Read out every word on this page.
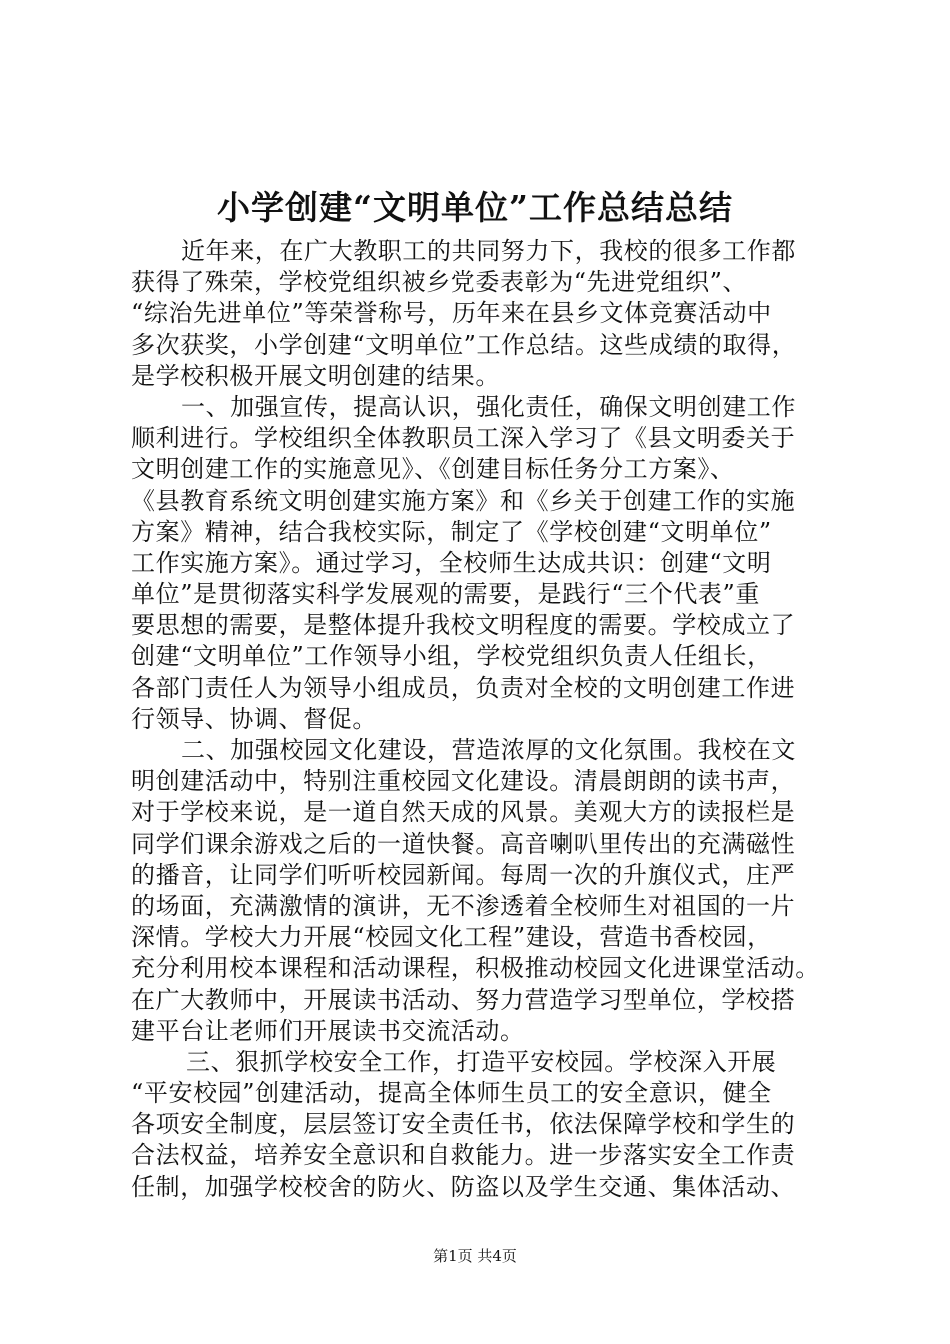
小学创建“文明单位”工作总结总结
近年来，在广大教职工的共同努力下，我校的很多工作都
获得了殊荣，学校党组织被乡党委表彰为“先进党组织”、
“综治先进单位”等荣誉称号，历年来在县乡文体竞赛活动中
多次获奖，小学创建“文明单位”工作总结。这些成绩的取得，
是学校积极开展文明创建的结果。
一、加强宣传，提高认识，强化责任，确保文明创建工作
顺利进行。学校组织全体教职员工深入学习了《县文明委关于
文明创建工作的实施意见》、《创建目标任务分工方案》、
《县教育系统文明创建实施方案》和《乡关于创建工作的实施
方案》精神，结合我校实际，制定了《学校创建“文明单位”
工作实施方案》。通过学习，全校师生达成共识：创建“文明
单位”是贯彻落实科学发展观的需要，是践行“三个代表”重
要思想的需要，是整体提升我校文明程度的需要。学校成立了
创建“文明单位”工作领导小组，学校党组织负责人任组长，
各部门责任人为领导小组成员，负责对全校的文明创建工作进
行领导、协调、督促。
二、加强校园文化建设，营造浓厚的文化氛围。我校在文
明创建活动中，特别注重校园文化建设。清晨朗朗的读书声，
对于学校来说，是一道自然天成的风景。美观大方的读报栏是
同学们课余游戏之后的一道快餐。高音喇叭里传出的充满磁性
的播音，让同学们听听校园新闻。每周一次的升旗仪式，庄严
的场面，充满激情的演讲，无不渗透着全校师生对祖国的一片
深情。学校大力开展“校园文化工程”建设，营造书香校园，
充分利用校本课程和活动课程，积极推动校园文化进课堂活动。
在广大教师中，开展读书活动、努力营造学习型单位，学校搭
建平台让老师们开展读书交流活动。
三、狠抓学校安全工作，打造平安校园。学校深入开展
“平安校园”创建活动，提高全体师生员工的安全意识，健全
各项安全制度，层层签订安全责任书，依法保障学校和学生的
合法权益，培养安全意识和自救能力。进一步落实安全工作责
任制，加强学校校舍的防火、防盗以及学生交通、集体活动、
第1页 共4页
